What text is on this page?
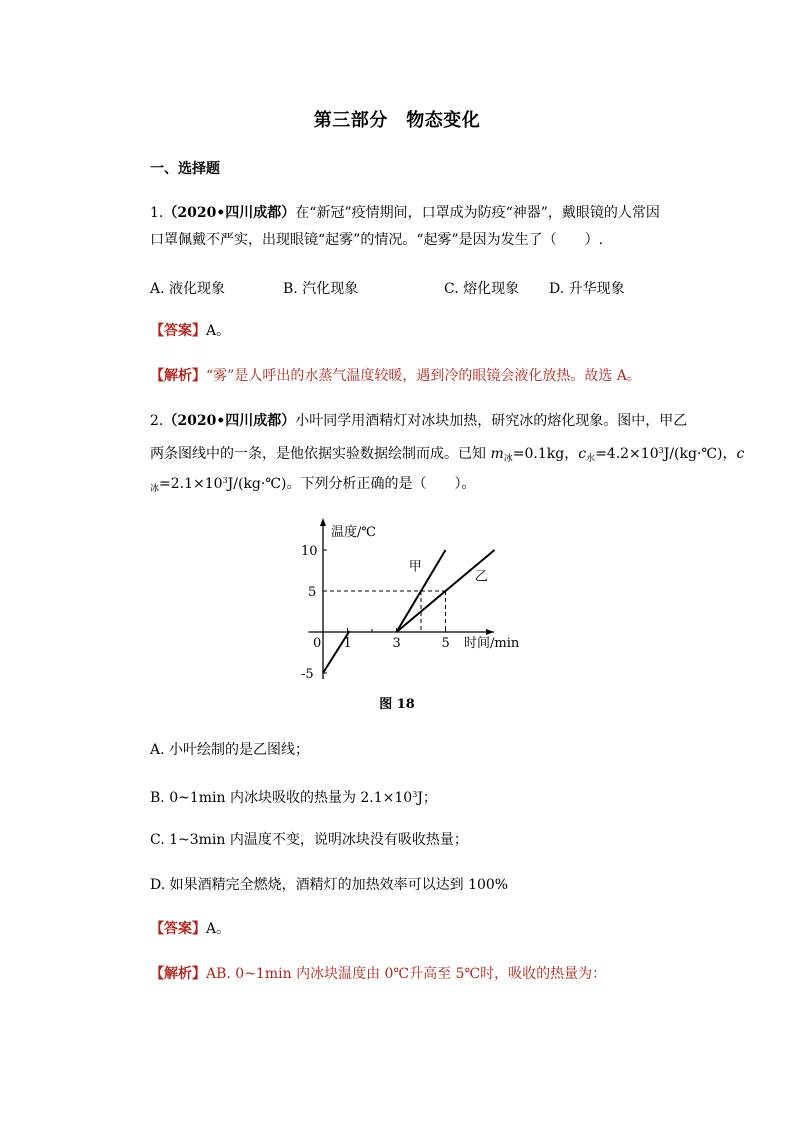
第三部分　物态变化
一、选择题
1.（2020•四川成都）在“新冠”疫情期间，口罩成为防疫“神器”，戴眼镜的人常因
口罩佩戴不严实，出现眼镜“起雾”的情况。“起雾”是因为发生了（　　）.
A. 液化现象	B. 汽化现象	C. 熔化现象 D. 升华现象
【答案】A。
【解析】“雾”是人呼出的水蒸气温度较暖，遇到冷的眼镜会液化放热。故选 A。
2.（2020•四川成都）小叶同学用酒精灯对冰块加热，研究冰的熔化现象。图中，甲乙
两条图线中的一条，是他依据实验数据绘制而成。已知 $m_冰=0.1kg$，$c_水=4.2\times 10^3J/(kg\cdot℃)$，c
$_冰=2.1\times 10^3J/(kg\cdot℃)$。下列分析正确的是（　　）。
温度/℃
时间/min
0 1	3	5
10
5
-5
甲
乙
图 18
A. 小叶绘制的是乙图线；
B. 0~1min 内冰块吸收的热量为 $2.1\times 10^3J$；
C. 1~3min 内温度不变，说明冰块没有吸收热量；
D. 如果酒精完全燃烧，酒精灯的加热效率可以达到 100%
【答案】A。
【解析】AB. 0~1min 内冰块温度由 0℃升高至 5℃时，吸收的热量为：
